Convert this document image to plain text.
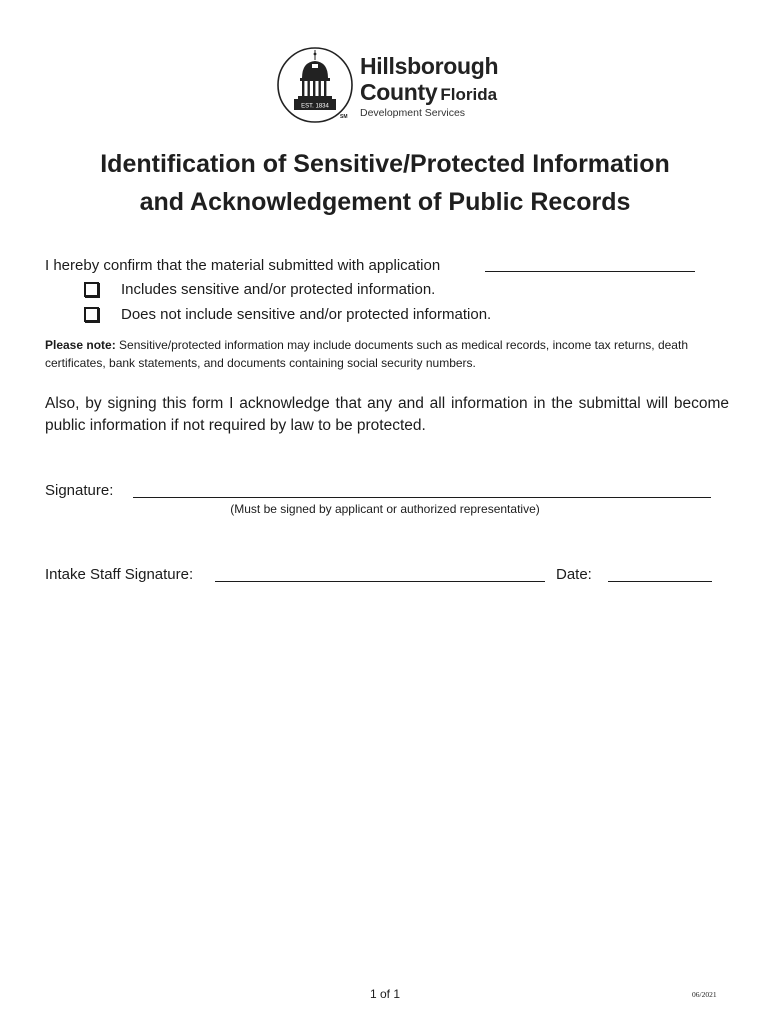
EST. 1834
SM
Hillsborough
County Florida
Development Services
Identification of Sensitive/Protected Information
and Acknowledgement of Public Records
I hereby confirm that the material submitted with application
Includes sensitive and/or protected information.
Does not include sensitive and/or protected information.
Please note: Sensitive/protected information may include documents such as medical records, income tax returns, death certificates, bank statements, and documents containing social security numbers.
Also, by signing this form I acknowledge that any and all information in the submittal will become public information if not required by law to be protected.
Signature:
(Must be signed by applicant or authorized representative)
Intake Staff Signature:	Date:
1 of 1	06/2021
